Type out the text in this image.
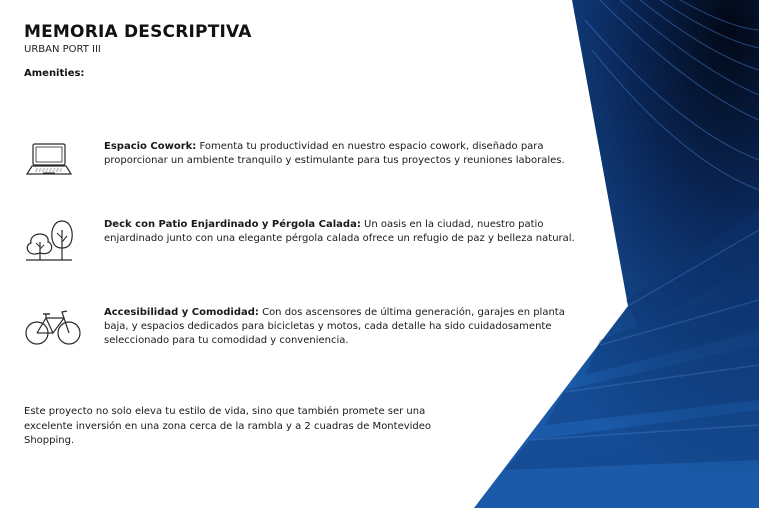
MEMORIA DESCRIPTIVA
URBAN PORT III
Amenities:
Espacio Cowork: Fomenta tu productividad en nuestro espacio cowork, diseñado para proporcionar un ambiente tranquilo y estimulante para tus proyectos y reuniones laborales.
Deck con Patio Enjardinado y Pérgola Calada: Un oasis en la ciudad, nuestro patio enjardinado junto con una elegante pérgola calada ofrece un refugio de paz y belleza natural.
Accesibilidad y Comodidad: Con dos ascensores de última generación, garajes en planta baja, y espacios dedicados para bicicletas y motos, cada detalle ha sido cuidadosamente seleccionado para tu comodidad y conveniencia.
Este proyecto no solo eleva tu estilo de vida, sino que también promete ser una excelente inversión en una zona cerca de la rambla y a 2 cuadras de Montevideo Shopping.
